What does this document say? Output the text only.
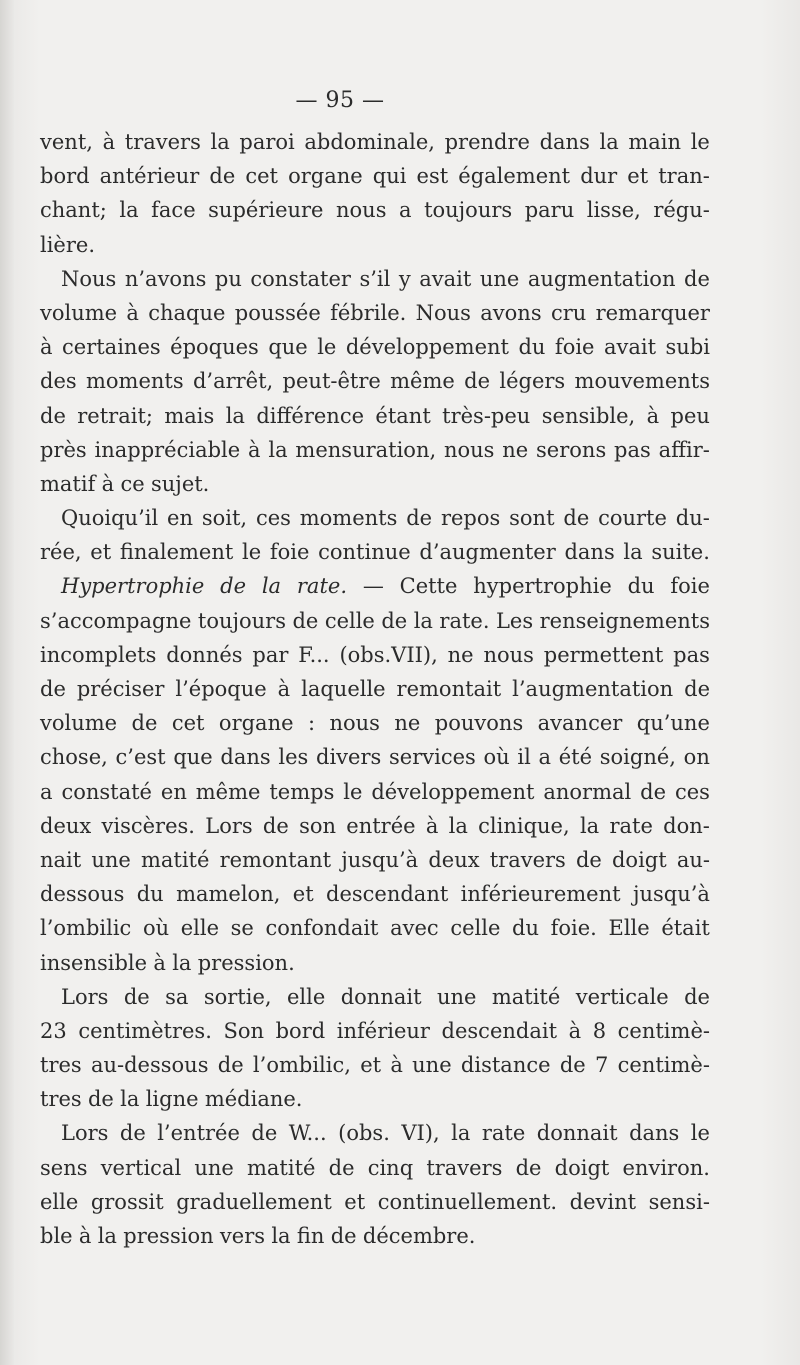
— 95 —
vent, à travers la paroi abdominale, prendre dans la main le
bord antérieur de cet organe qui est également dur et tran-
chant; la face supérieure nous a toujours paru lisse, régu-
lière.
Nous n’avons pu constater s’il y avait une augmentation de
volume à chaque poussée fébrile. Nous avons cru remarquer
à certaines époques que le développement du foie avait subi
des moments d’arrêt, peut-être même de légers mouvements
de retrait; mais la différence étant très-peu sensible, à peu
près inappréciable à la mensuration, nous ne serons pas affir-
matif à ce sujet.
Quoiqu’il en soit, ces moments de repos sont de courte du-
rée, et finalement le foie continue d’augmenter dans la suite.
Hypertrophie de la rate. — Cette hypertrophie du foie
s’accompagne toujours de celle de la rate. Les renseignements
incomplets donnés par F... (obs.VII), ne nous permettent pas
de préciser l’époque à laquelle remontait l’augmentation de
volume de cet organe : nous ne pouvons avancer qu’une
chose, c’est que dans les divers services où il a été soigné, on
a constaté en même temps le développement anormal de ces
deux viscères. Lors de son entrée à la clinique, la rate don-
nait une matité remontant jusqu’à deux travers de doigt au-
dessous du mamelon, et descendant inférieurement jusqu’à
l’ombilic où elle se confondait avec celle du foie. Elle était
insensible à la pression.
Lors de sa sortie, elle donnait une matité verticale de
23 centimètres. Son bord inférieur descendait à 8 centimè-
tres au-dessous de l’ombilic, et à une distance de 7 centimè-
tres de la ligne médiane.
Lors de l’entrée de W... (obs. VI), la rate donnait dans le
sens vertical une matité de cinq travers de doigt environ.
elle grossit graduellement et continuellement. devint sensi-
ble à la pression vers la fin de décembre.
